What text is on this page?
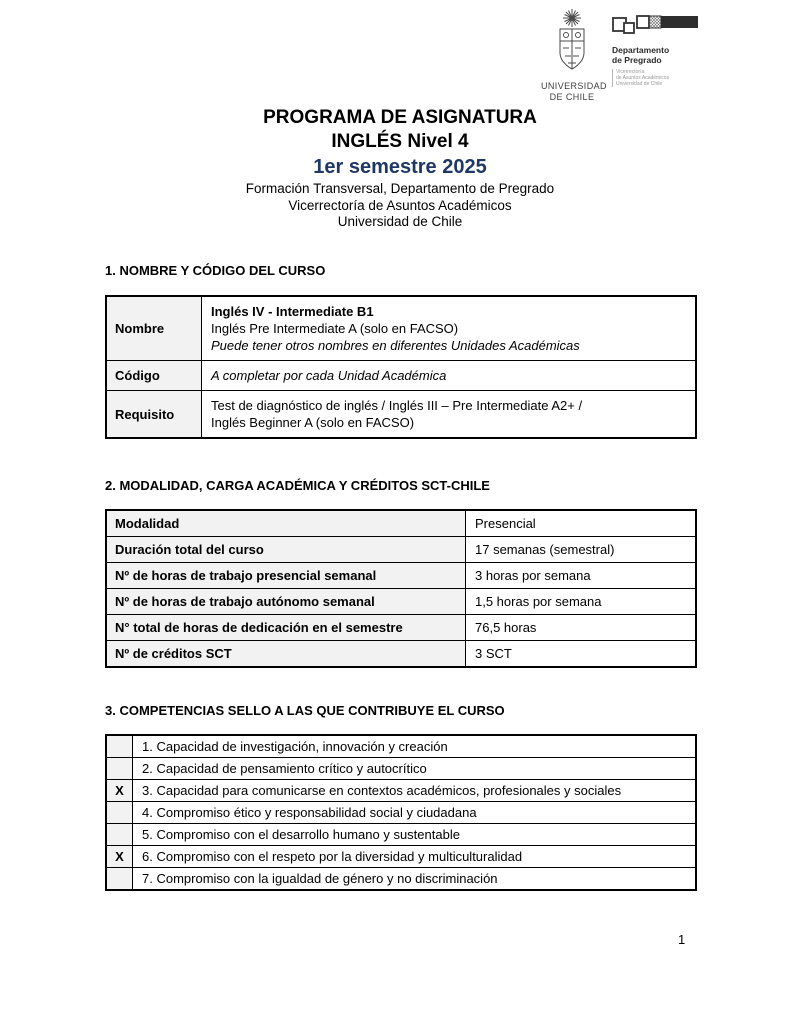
UNIVERSIDAD
DE CHILE
Departamento
de Pregrado
Vicerrectoría
de Asuntos Académicos
Universidad de Chile
PROGRAMA DE ASIGNATURA
INGLÉS Nivel 4
1er semestre 2025
Formación Transversal, Departamento de Pregrado
Vicerrectoría de Asuntos Académicos
Universidad de Chile
1. NOMBRE Y CÓDIGO DEL CURSO
Nombre	Inglés IV - Intermediate B1
Inglés Pre Intermediate A (solo en FACSO)
Puede tener otros nombres en diferentes Unidades Académicas

Código	A completar por cada Unidad Académica

Requisito	Test de diagnóstico de inglés / Inglés III – Pre Intermediate A2+ /
Inglés Beginner A (solo en FACSO)
2. MODALIDAD, CARGA ACADÉMICA Y CRÉDITOS SCT-CHILE
Modalidad	Presencial
Duración total del curso	17 semanas (semestral)
Nº de horas de trabajo presencial semanal	3 horas por semana
Nº de horas de trabajo autónomo semanal	1,5 horas por semana
N° total de horas de dedicación en el semestre	76,5 horas
Nº de créditos SCT	3 SCT
3. COMPETENCIAS SELLO A LAS QUE CONTRIBUYE EL CURSO
	1. Capacidad de investigación, innovación y creación
	2. Capacidad de pensamiento crítico y autocrítico
X	3. Capacidad para comunicarse en contextos académicos, profesionales y sociales
	4. Compromiso ético y responsabilidad social y ciudadana
	5. Compromiso con el desarrollo humano y sustentable
X	6. Compromiso con el respeto por la diversidad y multiculturalidad
	7. Compromiso con la igualdad de género y no discriminación
1
